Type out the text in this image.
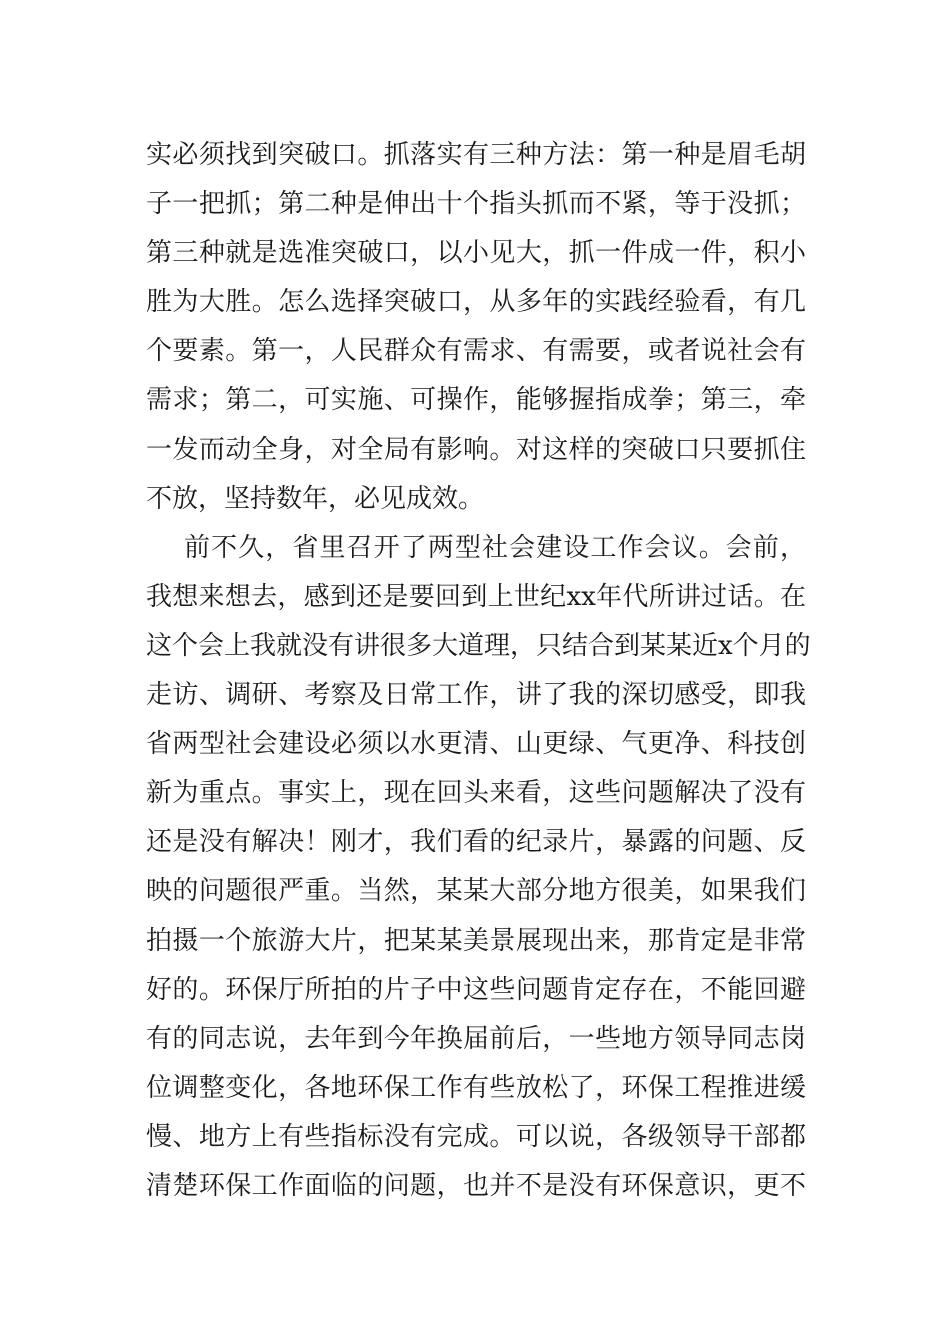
实必须找到突破口。抓落实有三种方法：第一种是眉毛胡
子一把抓；第二种是伸出十个指头抓而不紧，等于没抓；
第三种就是选准突破口，以小见大，抓一件成一件，积小
胜为大胜。怎么选择突破口，从多年的实践经验看，有几
个要素。第一，人民群众有需求、有需要，或者说社会有
需求；第二，可实施、可操作，能够握指成拳；第三，牵
一发而动全身，对全局有影响。对这样的突破口只要抓住
不放，坚持数年，必见成效。
前不久，省里召开了两型社会建设工作会议。会前，
我想来想去，感到还是要回到上世纪xx年代所讲过话。在
这个会上我就没有讲很多大道理，只结合到某某近x个月的
走访、调研、考察及日常工作，讲了我的深切感受，即我
省两型社会建设必须以水更清、山更绿、气更净、科技创
新为重点。事实上，现在回头来看，这些问题解决了没有
还是没有解决！刚才，我们看的纪录片，暴露的问题、反
映的问题很严重。当然，某某大部分地方很美，如果我们
拍摄一个旅游大片，把某某美景展现出来，那肯定是非常
好的。环保厅所拍的片子中这些问题肯定存在，不能回避
有的同志说，去年到今年换届前后，一些地方领导同志岗
位调整变化，各地环保工作有些放松了，环保工程推进缓
慢、地方上有些指标没有完成。可以说，各级领导干部都
清楚环保工作面临的问题，也并不是没有环保意识，更不
